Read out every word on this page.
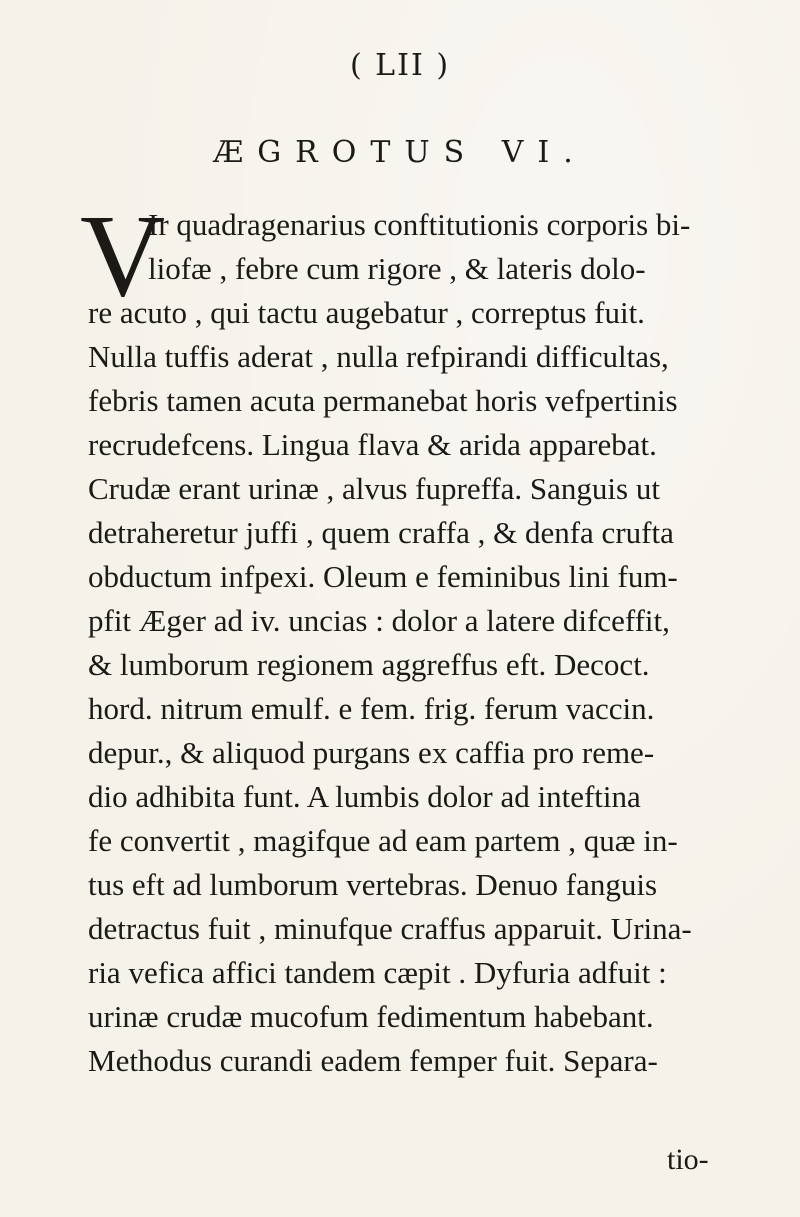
( LII )
ÆGROTUS VI.
V
Ir quadragenarius conftitutionis corporis bi-
liofæ , febre cum rigore , & lateris dolo-
re acuto , qui tactu augebatur , correptus fuit.
Nulla tuffis aderat , nulla refpirandi difficultas,
febris tamen acuta permanebat horis vefpertinis
recrudefcens. Lingua flava & arida apparebat.
Crudæ erant urinæ , alvus fupreffa. Sanguis ut
detraheretur juffi , quem craffa , & denfa crufta
obductum infpexi. Oleum e feminibus lini fum-
pfit Æger ad iv. uncias : dolor a latere difceffit,
& lumborum regionem aggreffus eft. Decoct.
hord. nitrum emulf. e fem. frig. ferum vaccin.
depur., & aliquod purgans ex caffia pro reme-
dio adhibita funt. A lumbis dolor ad inteftina
fe convertit , magifque ad eam partem , quæ in-
tus eft ad lumborum vertebras. Denuo fanguis
detractus fuit , minufque craffus apparuit. Urina-
ria vefica affici tandem cæpit . Dyfuria adfuit :
urinæ crudæ mucofum fedimentum habebant.
Methodus curandi eadem femper fuit. Separa-
tio-
